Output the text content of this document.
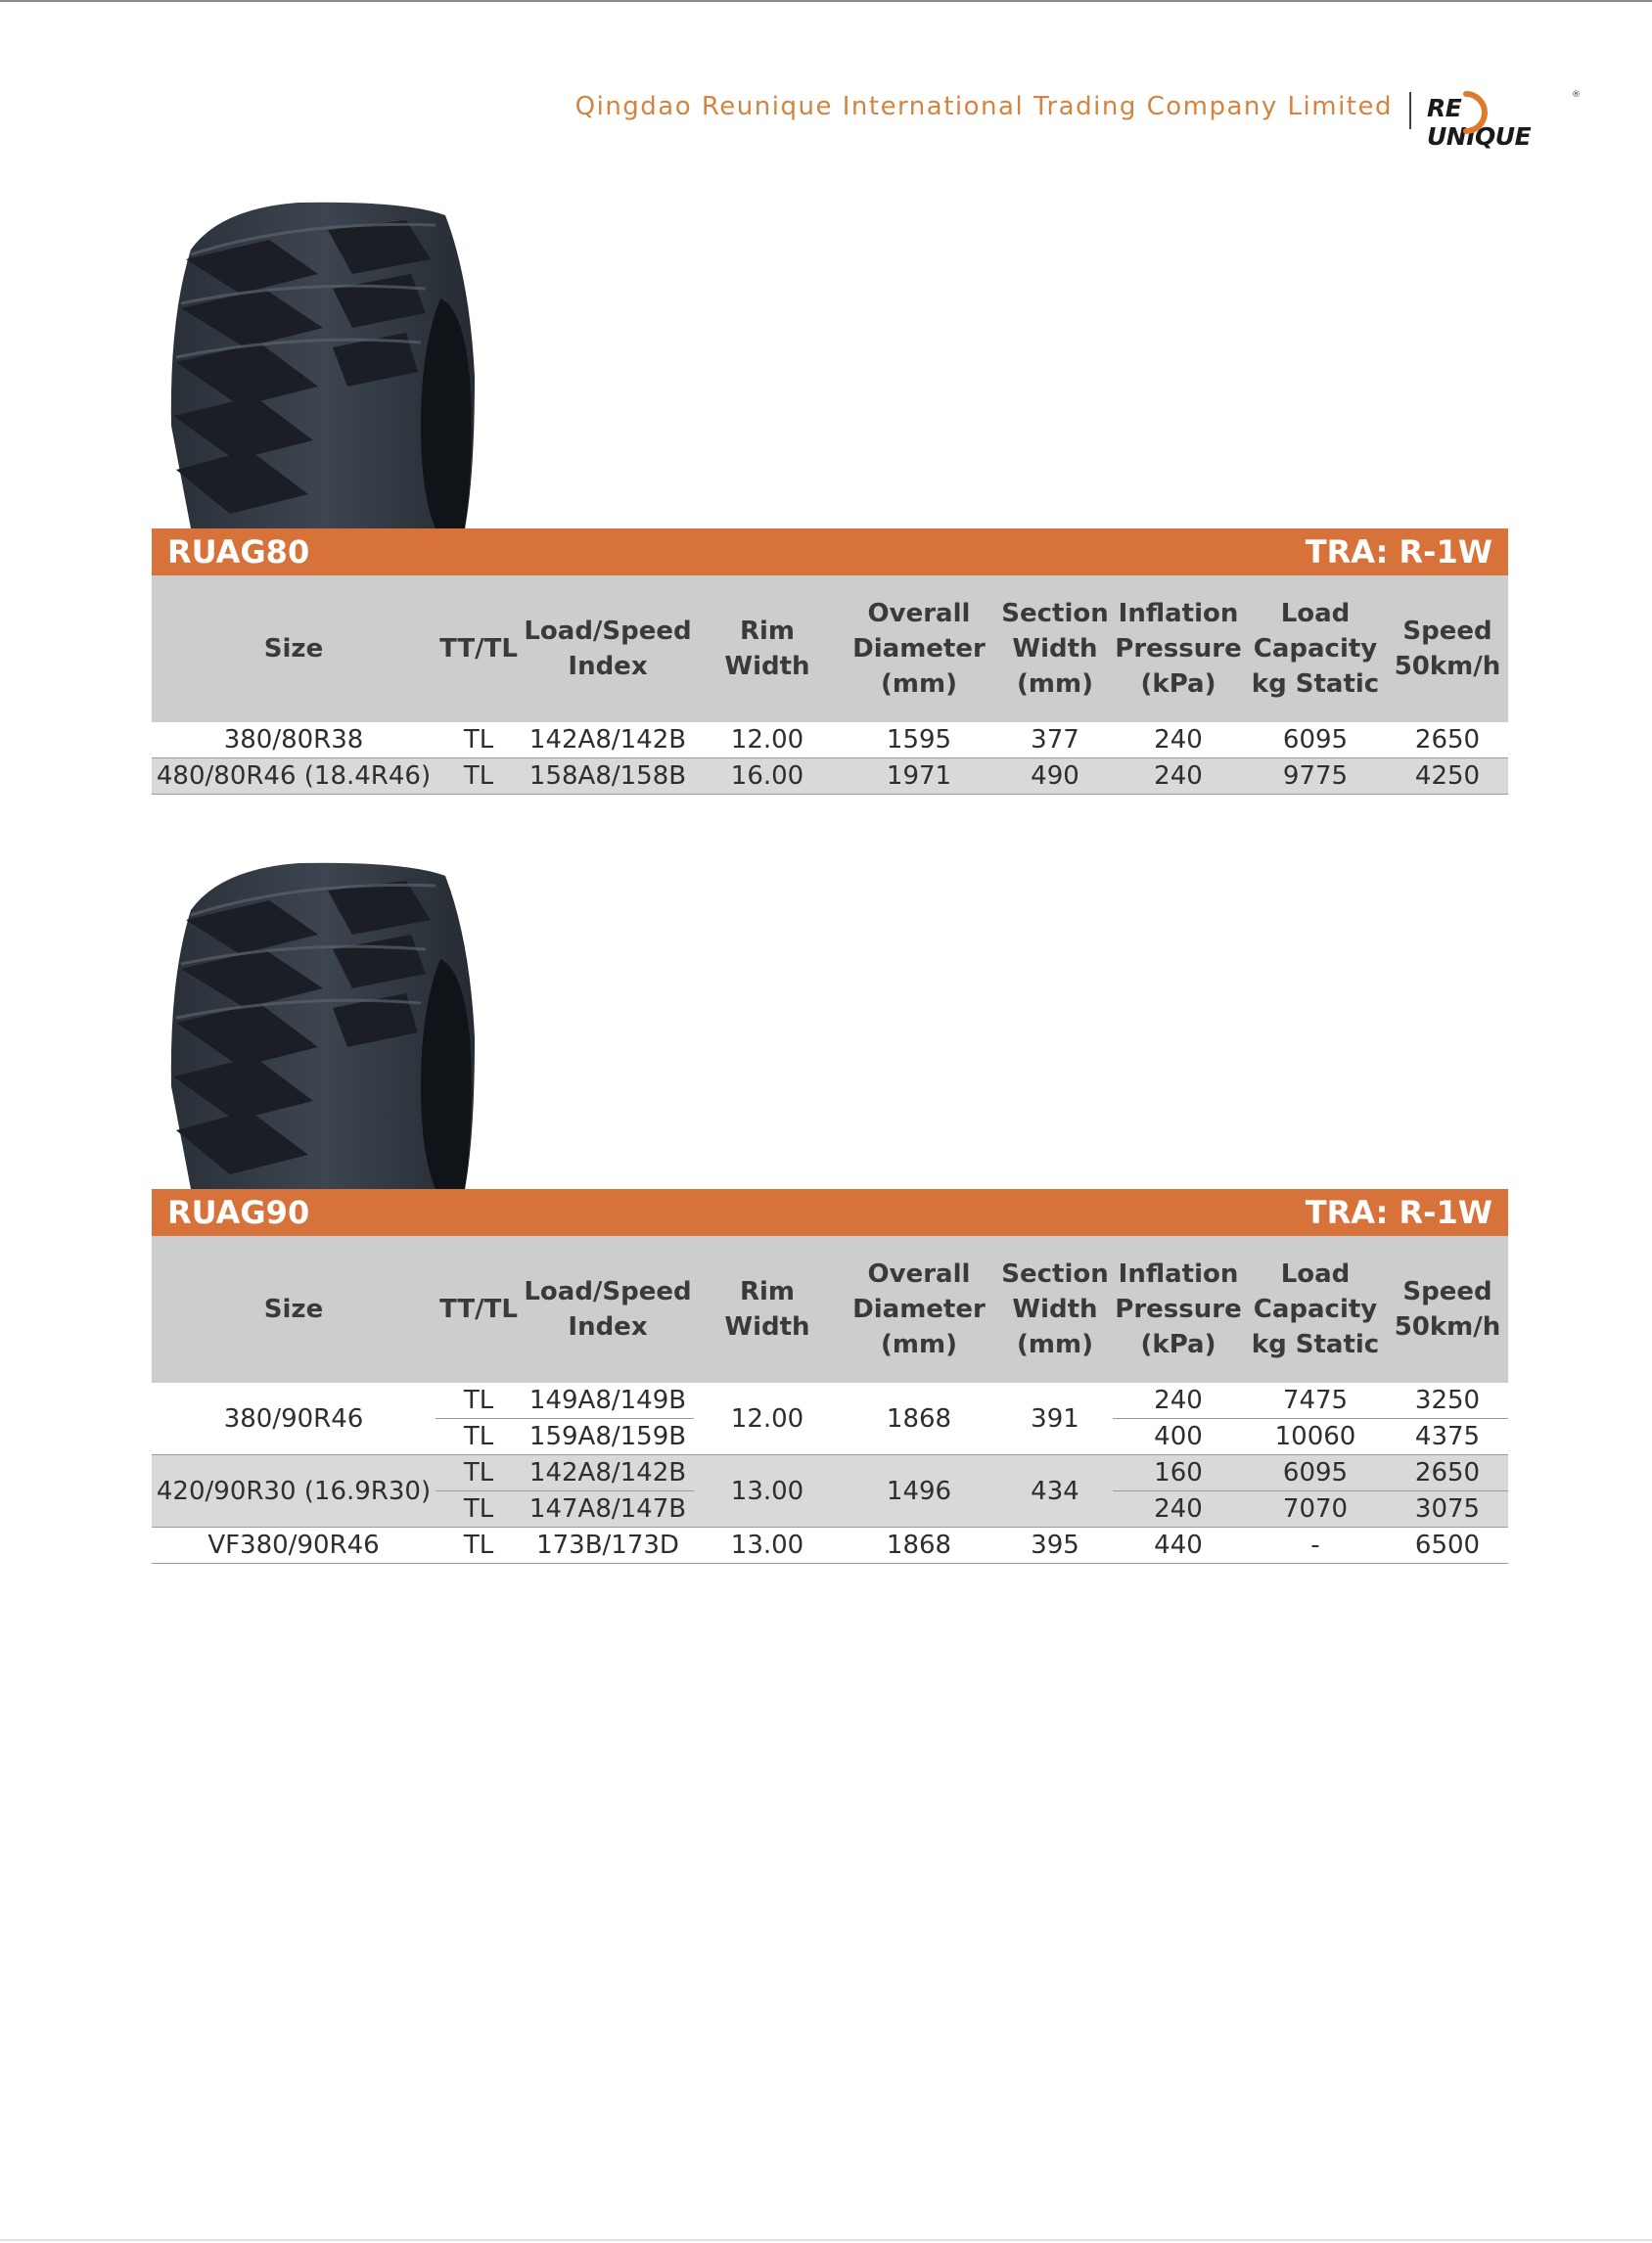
Qingdao Reunique International Trading Company Limited REUNIQUE
®
RUAG80	TRA: R-1W
Size	TT/TL	Load/Speed Index	Rim Width	Overall Diameter (mm)	Section Width (mm)	Inflation Pressure (kPa)	Load Capacity kg Static	Speed 50km/h
380/80R38	TL	142A8/142B	12.00	1595	377	240	6095	2650
480/80R46 (18.4R46)	TL	158A8/158B	16.00	1971	490	240	9775	4250
RUAG90	TRA: R-1W
Size	TT/TL	Load/Speed Index	Rim Width	Overall Diameter (mm)	Section Width (mm)	Inflation Pressure (kPa)	Load Capacity kg Static	Speed 50km/h
380/90R46	TL	149A8/149B	12.00	1868	391	240	7475	3250
	TL	159A8/159B				400	10060	4375
420/90R30 (16.9R30)	TL	142A8/142B	13.00	1496	434	160	6095	2650
	TL	147A8/147B				240	7070	3075
VF380/90R46	TL	173B/173D	13.00	1868	395	440	-	6500
